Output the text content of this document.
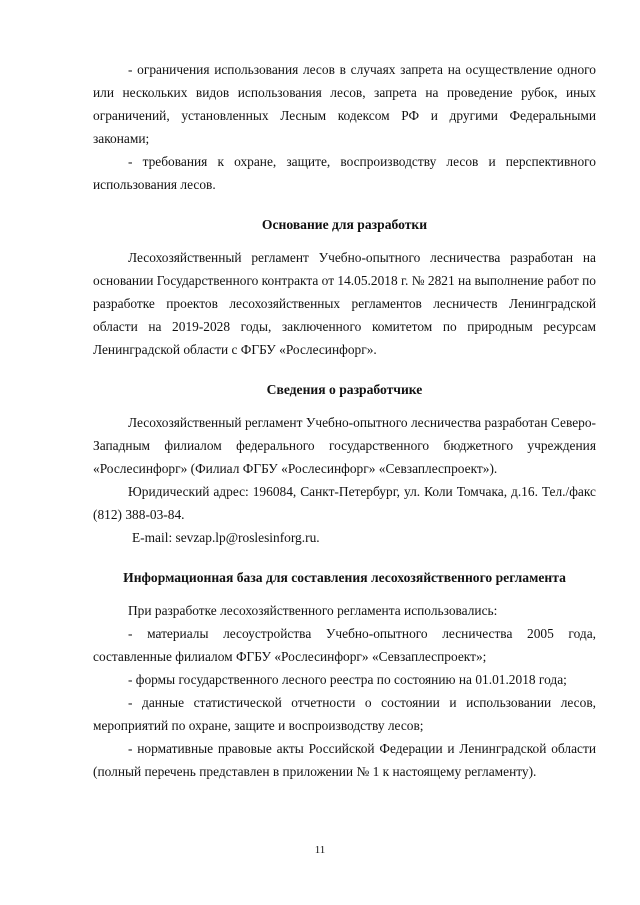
- ограничения использования лесов в случаях запрета на осуществление одного или нескольких видов использования лесов, запрета на проведение рубок, иных ограничений, установленных Лесным кодексом РФ и другими Федеральными законами;

- требования к охране, защите, воспроизводству лесов и перспективного использования лесов.

Основание для разработки

Лесохозяйственный регламент Учебно-опытного лесничества разработан на основании Государственного контракта от 14.05.2018 г. № 2821 на выполнение работ по разработке проектов лесохозяйственных регламентов лесничеств Ленинградской области на 2019-2028 годы, заключенного комитетом по природным ресурсам Ленинградской области с ФГБУ «Рослесинфорг».

Сведения о разработчике

Лесохозяйственный регламент Учебно-опытного лесничества разработан Северо-Западным филиалом федерального государственного бюджетного учреждения «Рослесинфорг» (Филиал ФГБУ «Рослесинфорг» «Севзаплеспроект»).

Юридический адрес: 196084, Санкт-Петербург, ул. Коли Томчака, д.16. Тел./факс (812) 388-03-84.

E-mail: sevzap.lp@roslesinforg.ru.

Информационная база для составления лесохозяйственного регламента

При разработке лесохозяйственного регламента использовались:

- материалы лесоустройства Учебно-опытного лесничества 2005 года, составленные филиалом ФГБУ «Рослесинфорг» «Севзаплеспроект»;

- формы государственного лесного реестра по состоянию на 01.01.2018 года;

- данные статистической отчетности о состоянии и использовании лесов, мероприятий по охране, защите и воспроизводству лесов;

- нормативные правовые акты Российской Федерации и Ленинградской области (полный перечень представлен в приложении № 1 к настоящему регламенту).

11
